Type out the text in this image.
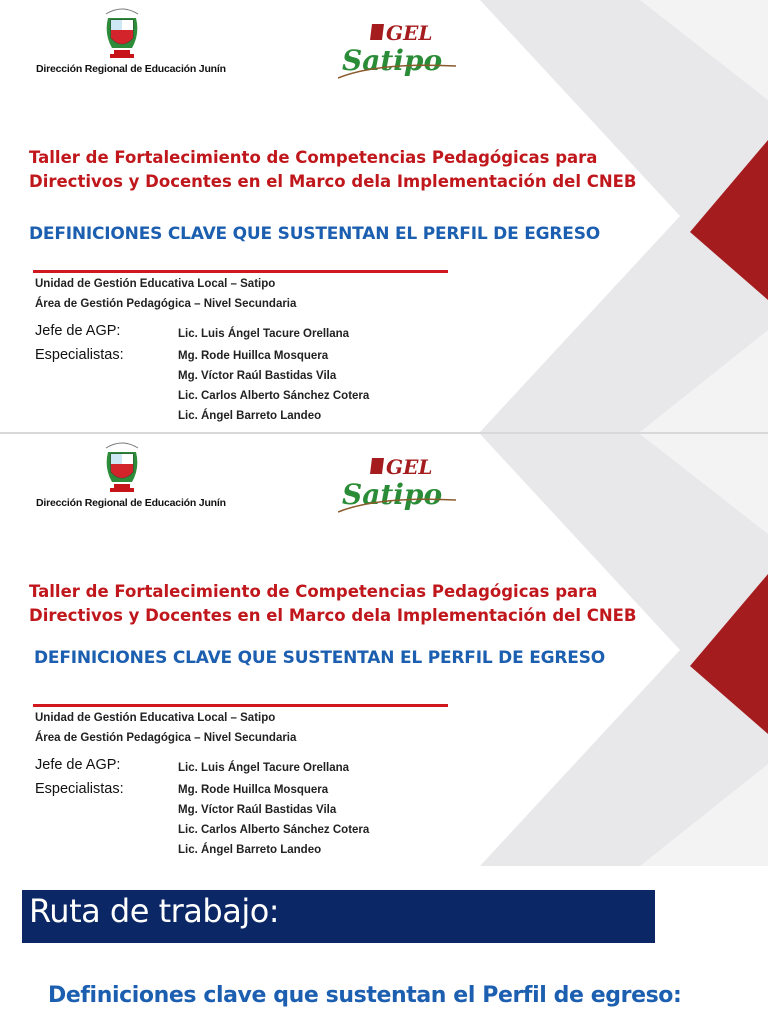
Dirección Regional de Educación Junín
GEL
Satipo
Taller de Fortalecimiento de Competencias Pedagógicas para
Directivos y Docentes en el Marco dela Implementación del CNEB
DEFINICIONES CLAVE QUE SUSTENTAN EL PERFIL DE EGRESO
Unidad de Gestión Educativa Local – Satipo
Área de Gestión Pedagógica – Nivel Secundaria
Jefe de AGP:
Especialistas:
Lic. Luis Ángel Tacure Orellana
Mg. Rode Huillca Mosquera
Mg. Víctor Raúl Bastidas Vila
Lic. Carlos Alberto Sánchez Cotera
Lic. Ángel Barreto Landeo
Dirección Regional de Educación Junín
GEL
Satipo
Taller de Fortalecimiento de Competencias Pedagógicas para
Directivos y Docentes en el Marco dela Implementación del CNEB
DEFINICIONES CLAVE QUE SUSTENTAN EL PERFIL DE EGRESO
Unidad de Gestión Educativa Local – Satipo
Área de Gestión Pedagógica – Nivel Secundaria
Jefe de AGP:
Especialistas:
Lic. Luis Ángel Tacure Orellana
Mg. Rode Huillca Mosquera
Mg. Víctor Raúl Bastidas Vila
Lic. Carlos Alberto Sánchez Cotera
Lic. Ángel Barreto Landeo
Ruta de trabajo:
Definiciones clave que sustentan el Perfil de egreso:
